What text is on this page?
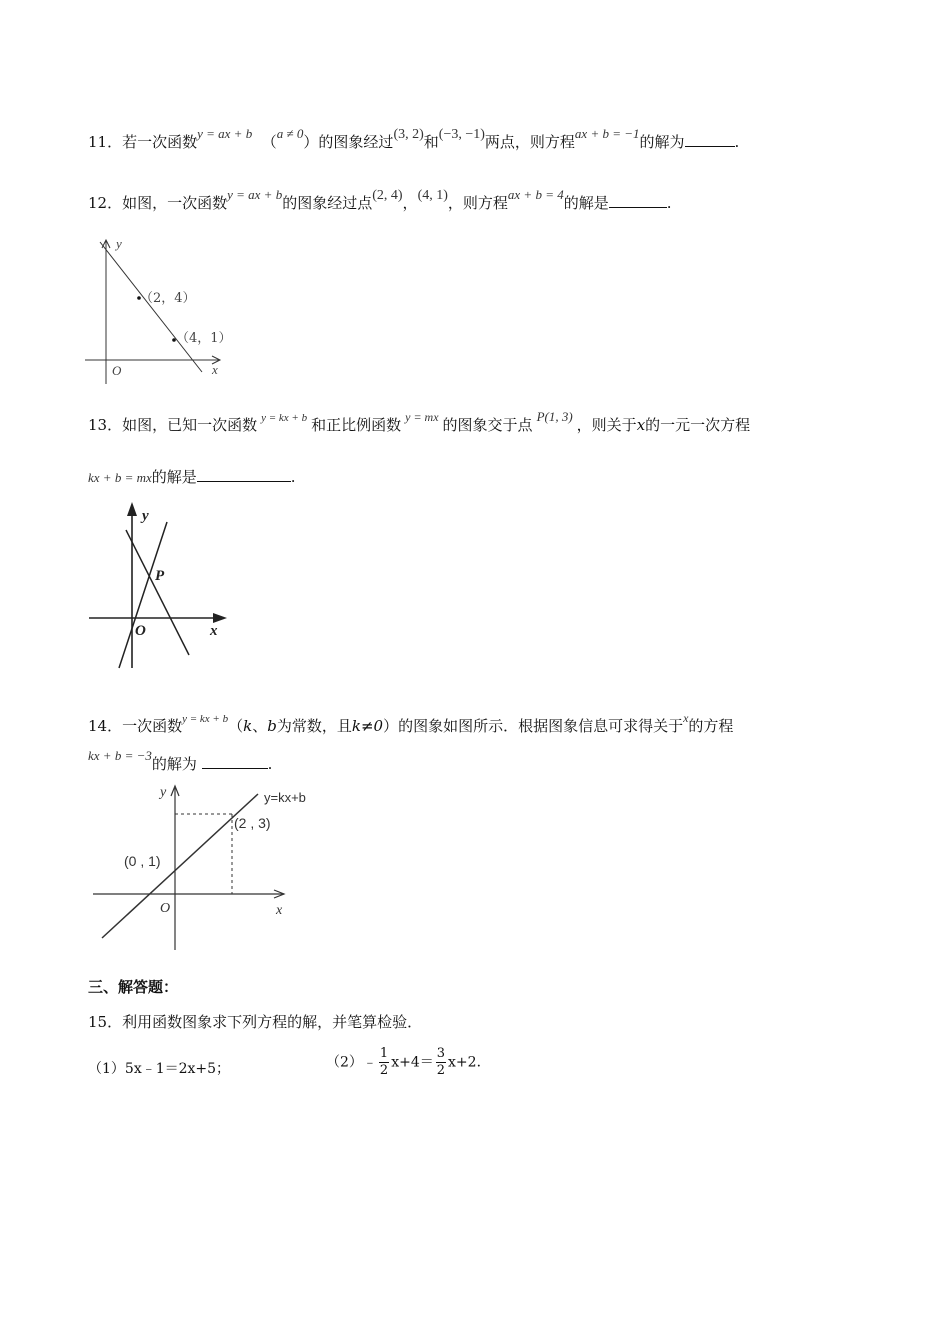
11．若一次函数y = ax + b （a ≠ 0）的图象经过(3, 2)和(−3, −1)两点，则方程ax + b = −1的解为	.
12．如图，一次函数y = ax + b的图象经过点(2, 4)，(4, 1)，则方程ax + b = 4的解是	.
y
x
O
（2，4）
（4，1）
13．如图，已知一次函数 $^{y = kx + b}$ 和正比例函数 $^{y = mx}$ 的图象交于点 P(1, 3) ，则关于x的一元一次方程
kx + b = mx的解是	.
y
x
O
P
14．一次函数$^{y = kx + b}$（k、b为常数，且k≠0）的图象如图所示．根据图象信息可求得关于$^x$的方程
kx + b = −3的解为	.
y
x
O
y=kx+b
(2 , 3)
(0 , 1)
三、解答题：
15．利用函数图象求下列方程的解，并笔算检验．
（1）5x﹣1＝2x+5；	（2）﹣ $\frac{1}{2} x+4= \frac{3}{2} x+2$．
